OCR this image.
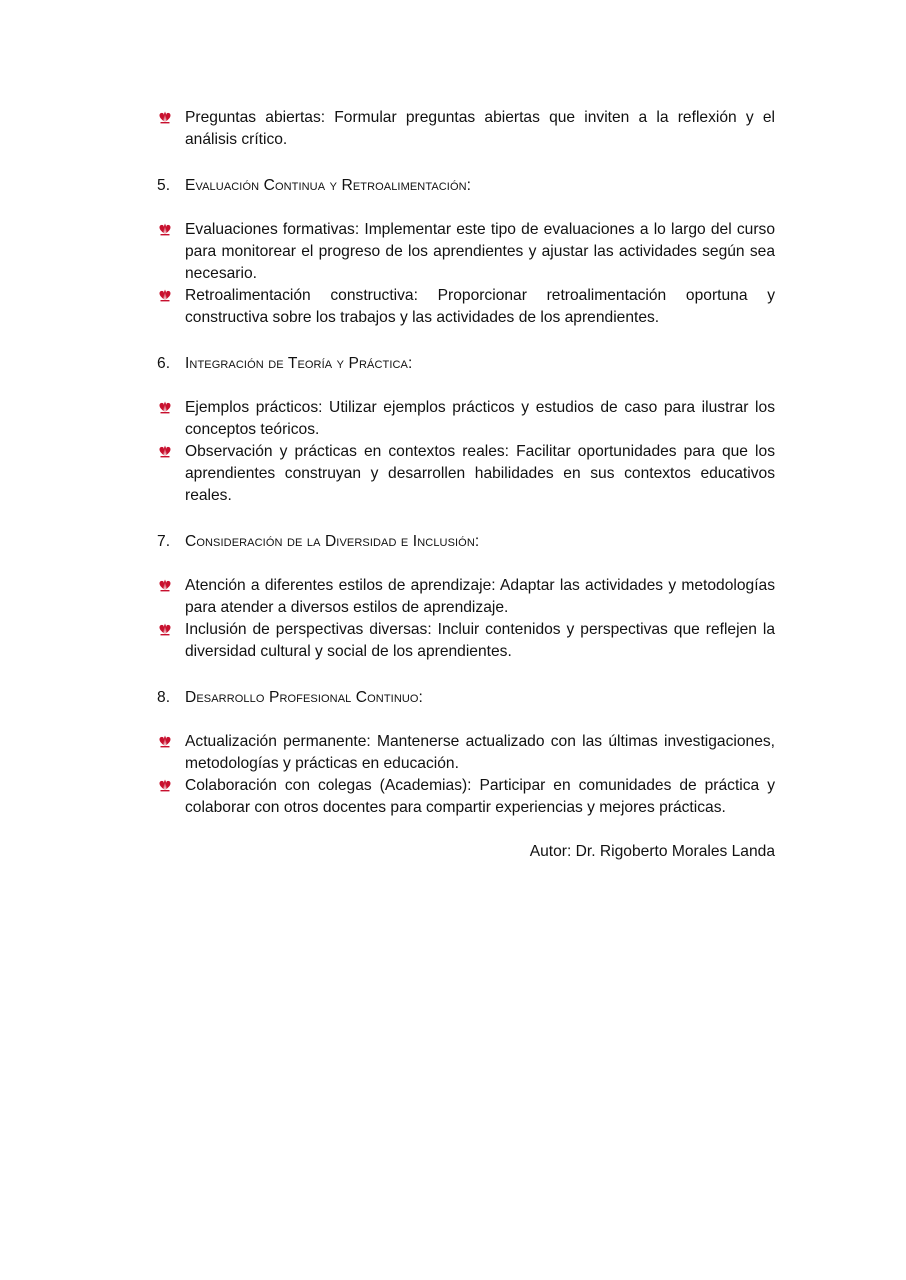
Preguntas abiertas: Formular preguntas abiertas que inviten a la reflexión y el análisis crítico.
5. Evaluación Continua y Retroalimentación:
Evaluaciones formativas: Implementar este tipo de evaluaciones a lo largo del curso para monitorear el progreso de los aprendientes y ajustar las actividades según sea necesario.
Retroalimentación constructiva: Proporcionar retroalimentación oportuna y constructiva sobre los trabajos y las actividades de los aprendientes.
6. Integración de Teoría y Práctica:
Ejemplos prácticos: Utilizar ejemplos prácticos y estudios de caso para ilustrar los conceptos teóricos.
Observación y prácticas en contextos reales: Facilitar oportunidades para que los aprendientes construyan y desarrollen habilidades en sus contextos educativos reales.
7. Consideración de la Diversidad e Inclusión:
Atención a diferentes estilos de aprendizaje: Adaptar las actividades y metodologías para atender a diversos estilos de aprendizaje.
Inclusión de perspectivas diversas: Incluir contenidos y perspectivas que reflejen la diversidad cultural y social de los aprendientes.
8. Desarrollo Profesional Continuo:
Actualización permanente: Mantenerse actualizado con las últimas investigaciones, metodologías y prácticas en educación.
Colaboración con colegas (Academias): Participar en comunidades de práctica y colaborar con otros docentes para compartir experiencias y mejores prácticas.
Autor: Dr. Rigoberto Morales Landa
